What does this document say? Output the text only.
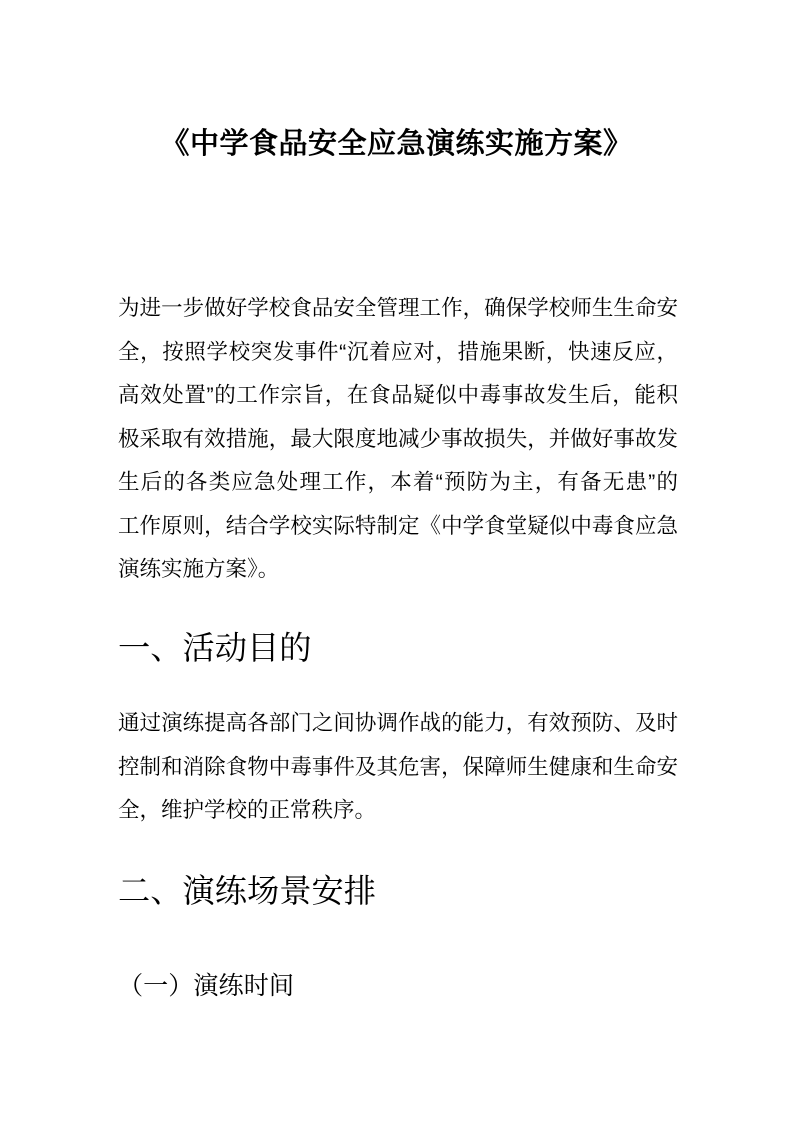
《中学食品安全应急演练实施方案》

为进一步做好学校食品安全管理工作，确保学校师生生命安
全，按照学校突发事件“沉着应对，措施果断，快速反应，
高效处置”的工作宗旨，在食品疑似中毒事故发生后，能积
极采取有效措施，最大限度地减少事故损失，并做好事故发
生后的各类应急处理工作，本着“预防为主，有备无患”的
工作原则，结合学校实际特制定《中学食堂疑似中毒食应急
演练实施方案》。

一、活动目的

通过演练提高各部门之间协调作战的能力，有效预防、及时
控制和消除食物中毒事件及其危害，保障师生健康和生命安
全，维护学校的正常秩序。

二、演练场景安排
（一）演练时间
